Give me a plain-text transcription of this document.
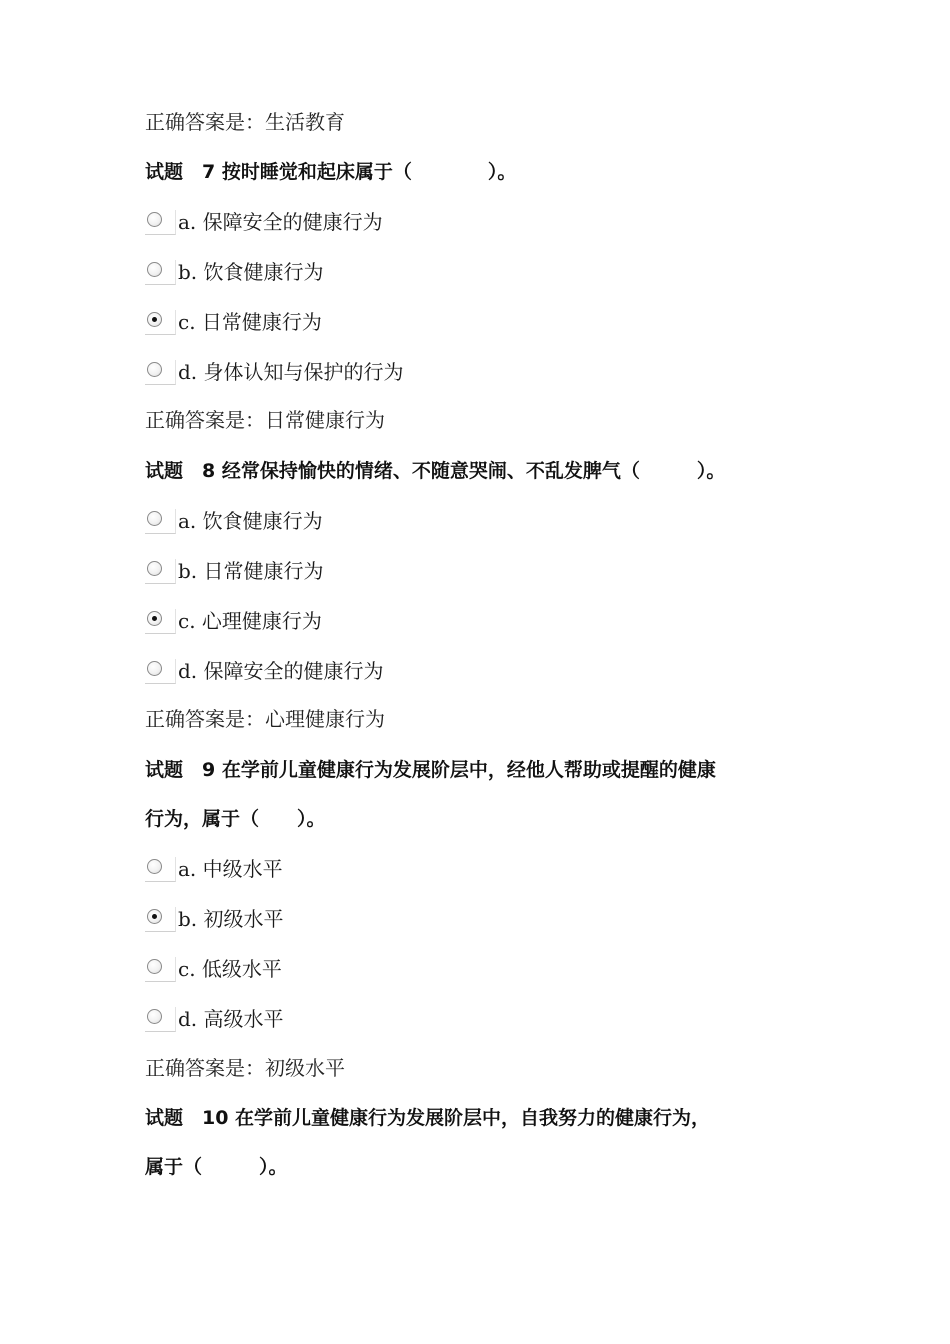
正确答案是：生活教育
试题　7 按时睡觉和起床属于（　　　　）。
a. 保障安全的健康行为
b. 饮食健康行为
c. 日常健康行为
d. 身体认知与保护的行为
正确答案是：日常健康行为
试题　8 经常保持愉快的情绪、不随意哭闹、不乱发脾气（　　　）。
a. 饮食健康行为
b. 日常健康行为
c. 心理健康行为
d. 保障安全的健康行为
正确答案是：心理健康行为
试题　9 在学前儿童健康行为发展阶层中，经他人帮助或提醒的健康
行为，属于（　　）。
a. 中级水平
b. 初级水平
c. 低级水平
d. 高级水平
正确答案是：初级水平
试题　10 在学前儿童健康行为发展阶层中，自我努力的健康行为，
属于（　　　）。
